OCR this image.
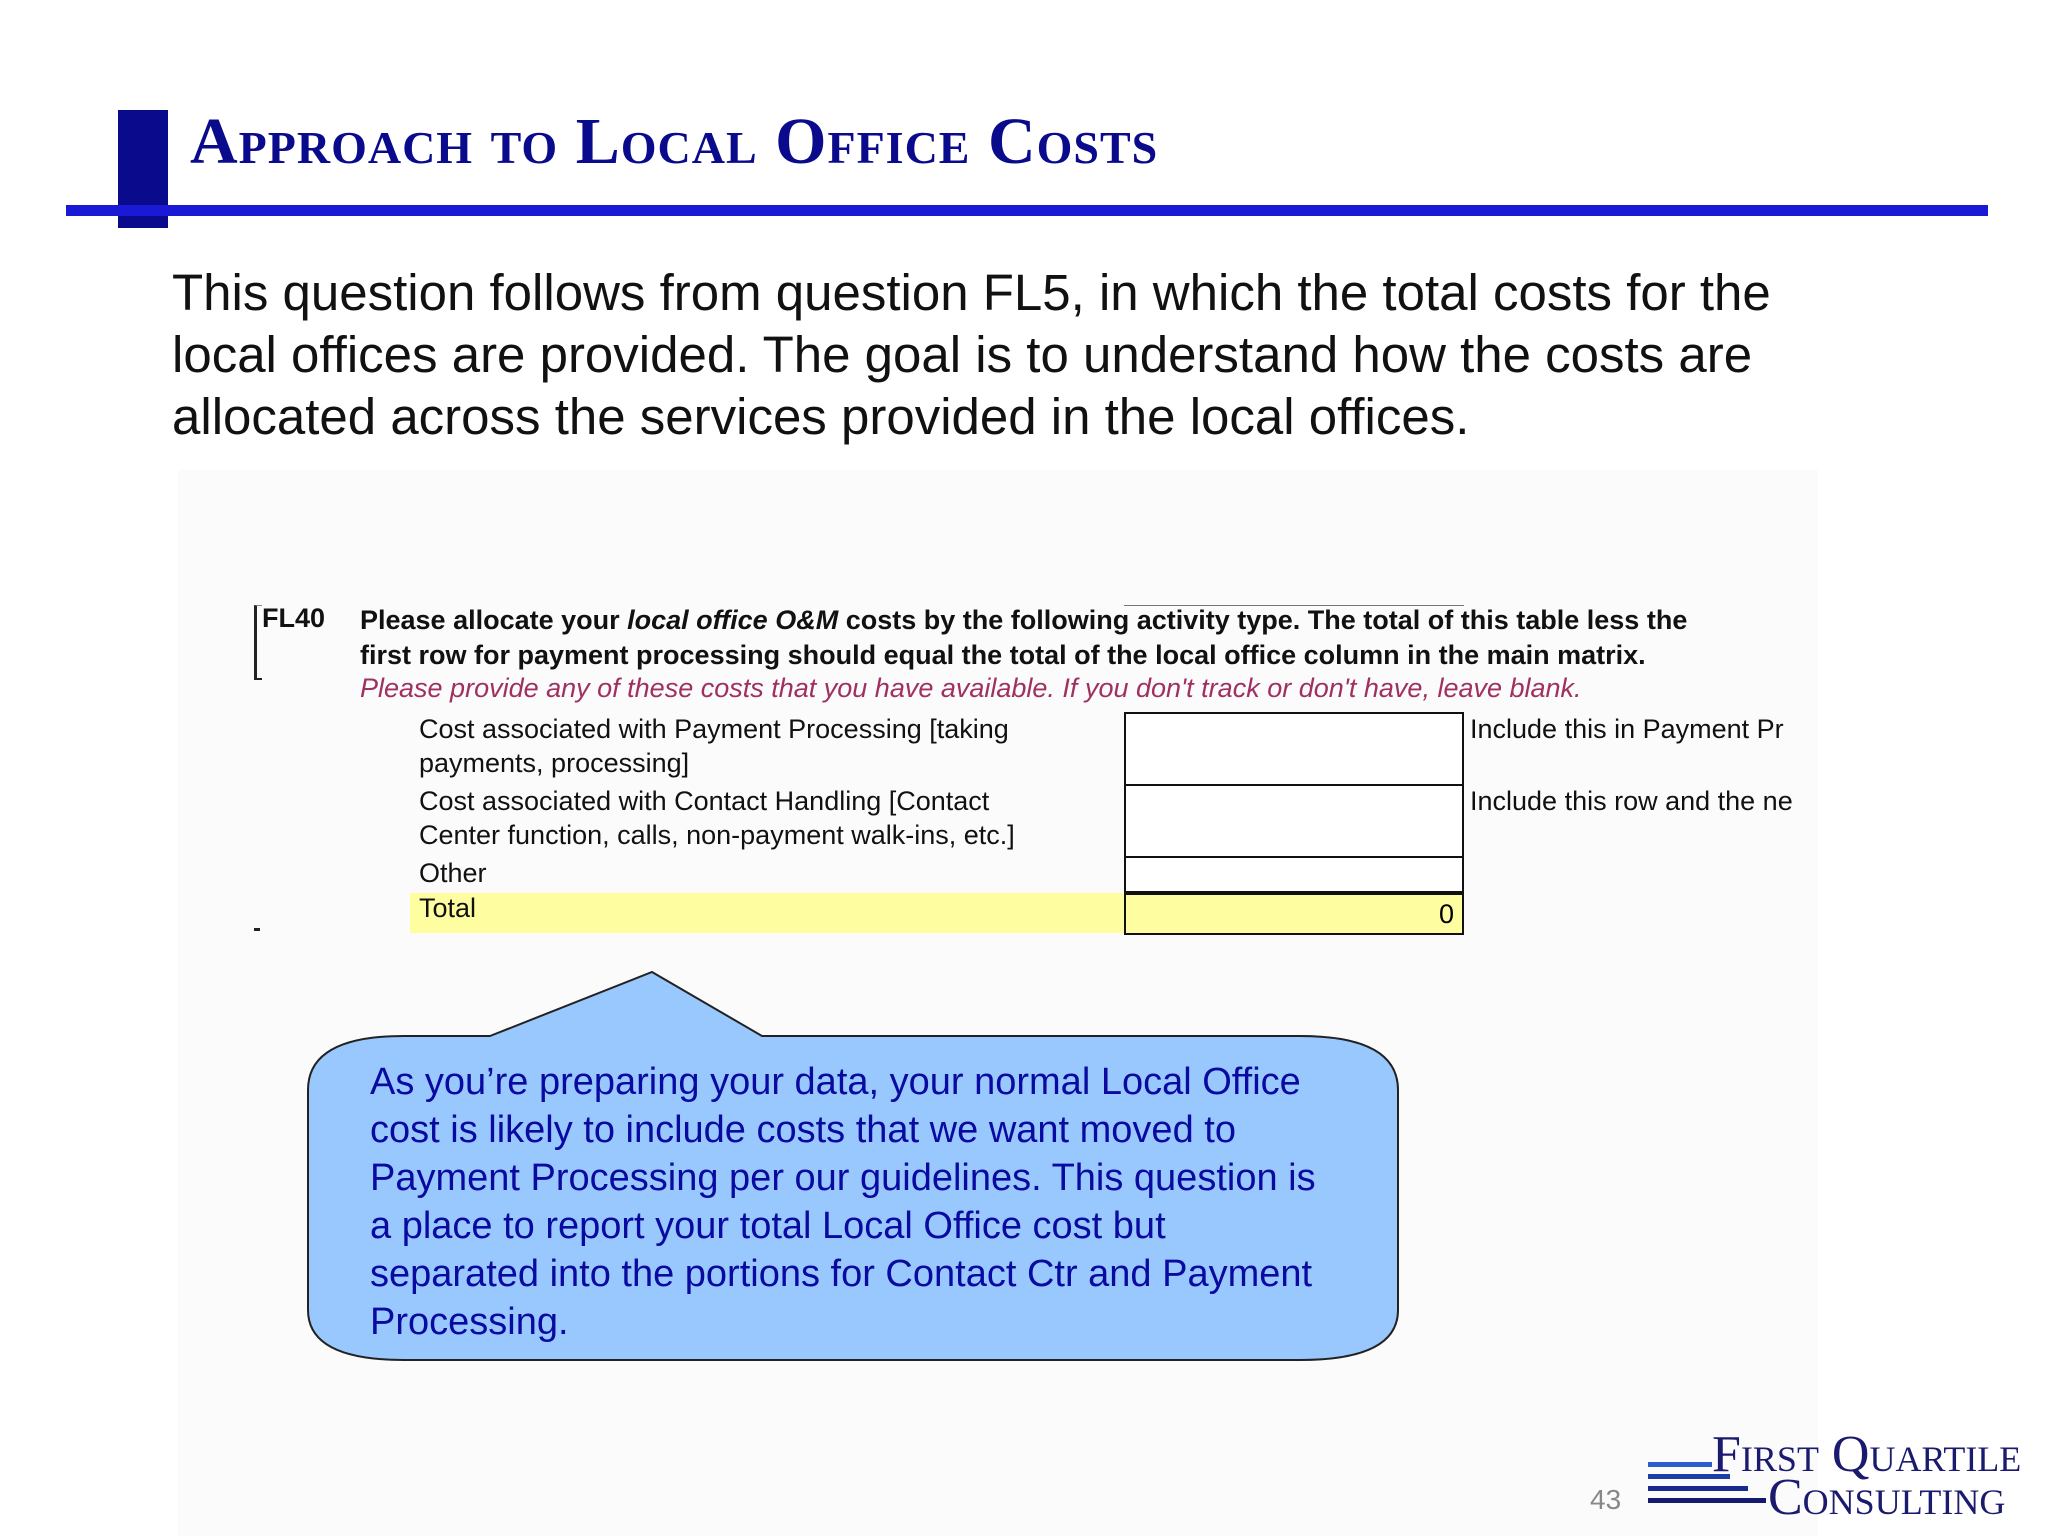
Approach to Local Office Costs

This question follows from question FL5, in which the total costs for the local offices are provided. The goal is to understand how the costs are allocated across the services provided in the local offices.

FL40 Please allocate your local office O&M costs by the following activity type. The total of this table less the
first row for payment processing should equal the total of the local office column in the main matrix.
Please provide any of these costs that you have available. If you don't track or don't have, leave blank.
Cost associated with Payment Processing [taking
payments, processing]
Include this in Payment Pr
Cost associated with Contact Handling [Contact
Center function, calls, non-payment walk-ins, etc.]
Include this row and the ne
Other
Total	0
As you’re preparing your data, your normal Local Office cost is likely to include costs that we want moved to Payment Processing per our guidelines. This question is a place to report your total Local Office cost but separated into the portions for Contact Ctr and Payment Processing.
43
First Quartile
Consulting
